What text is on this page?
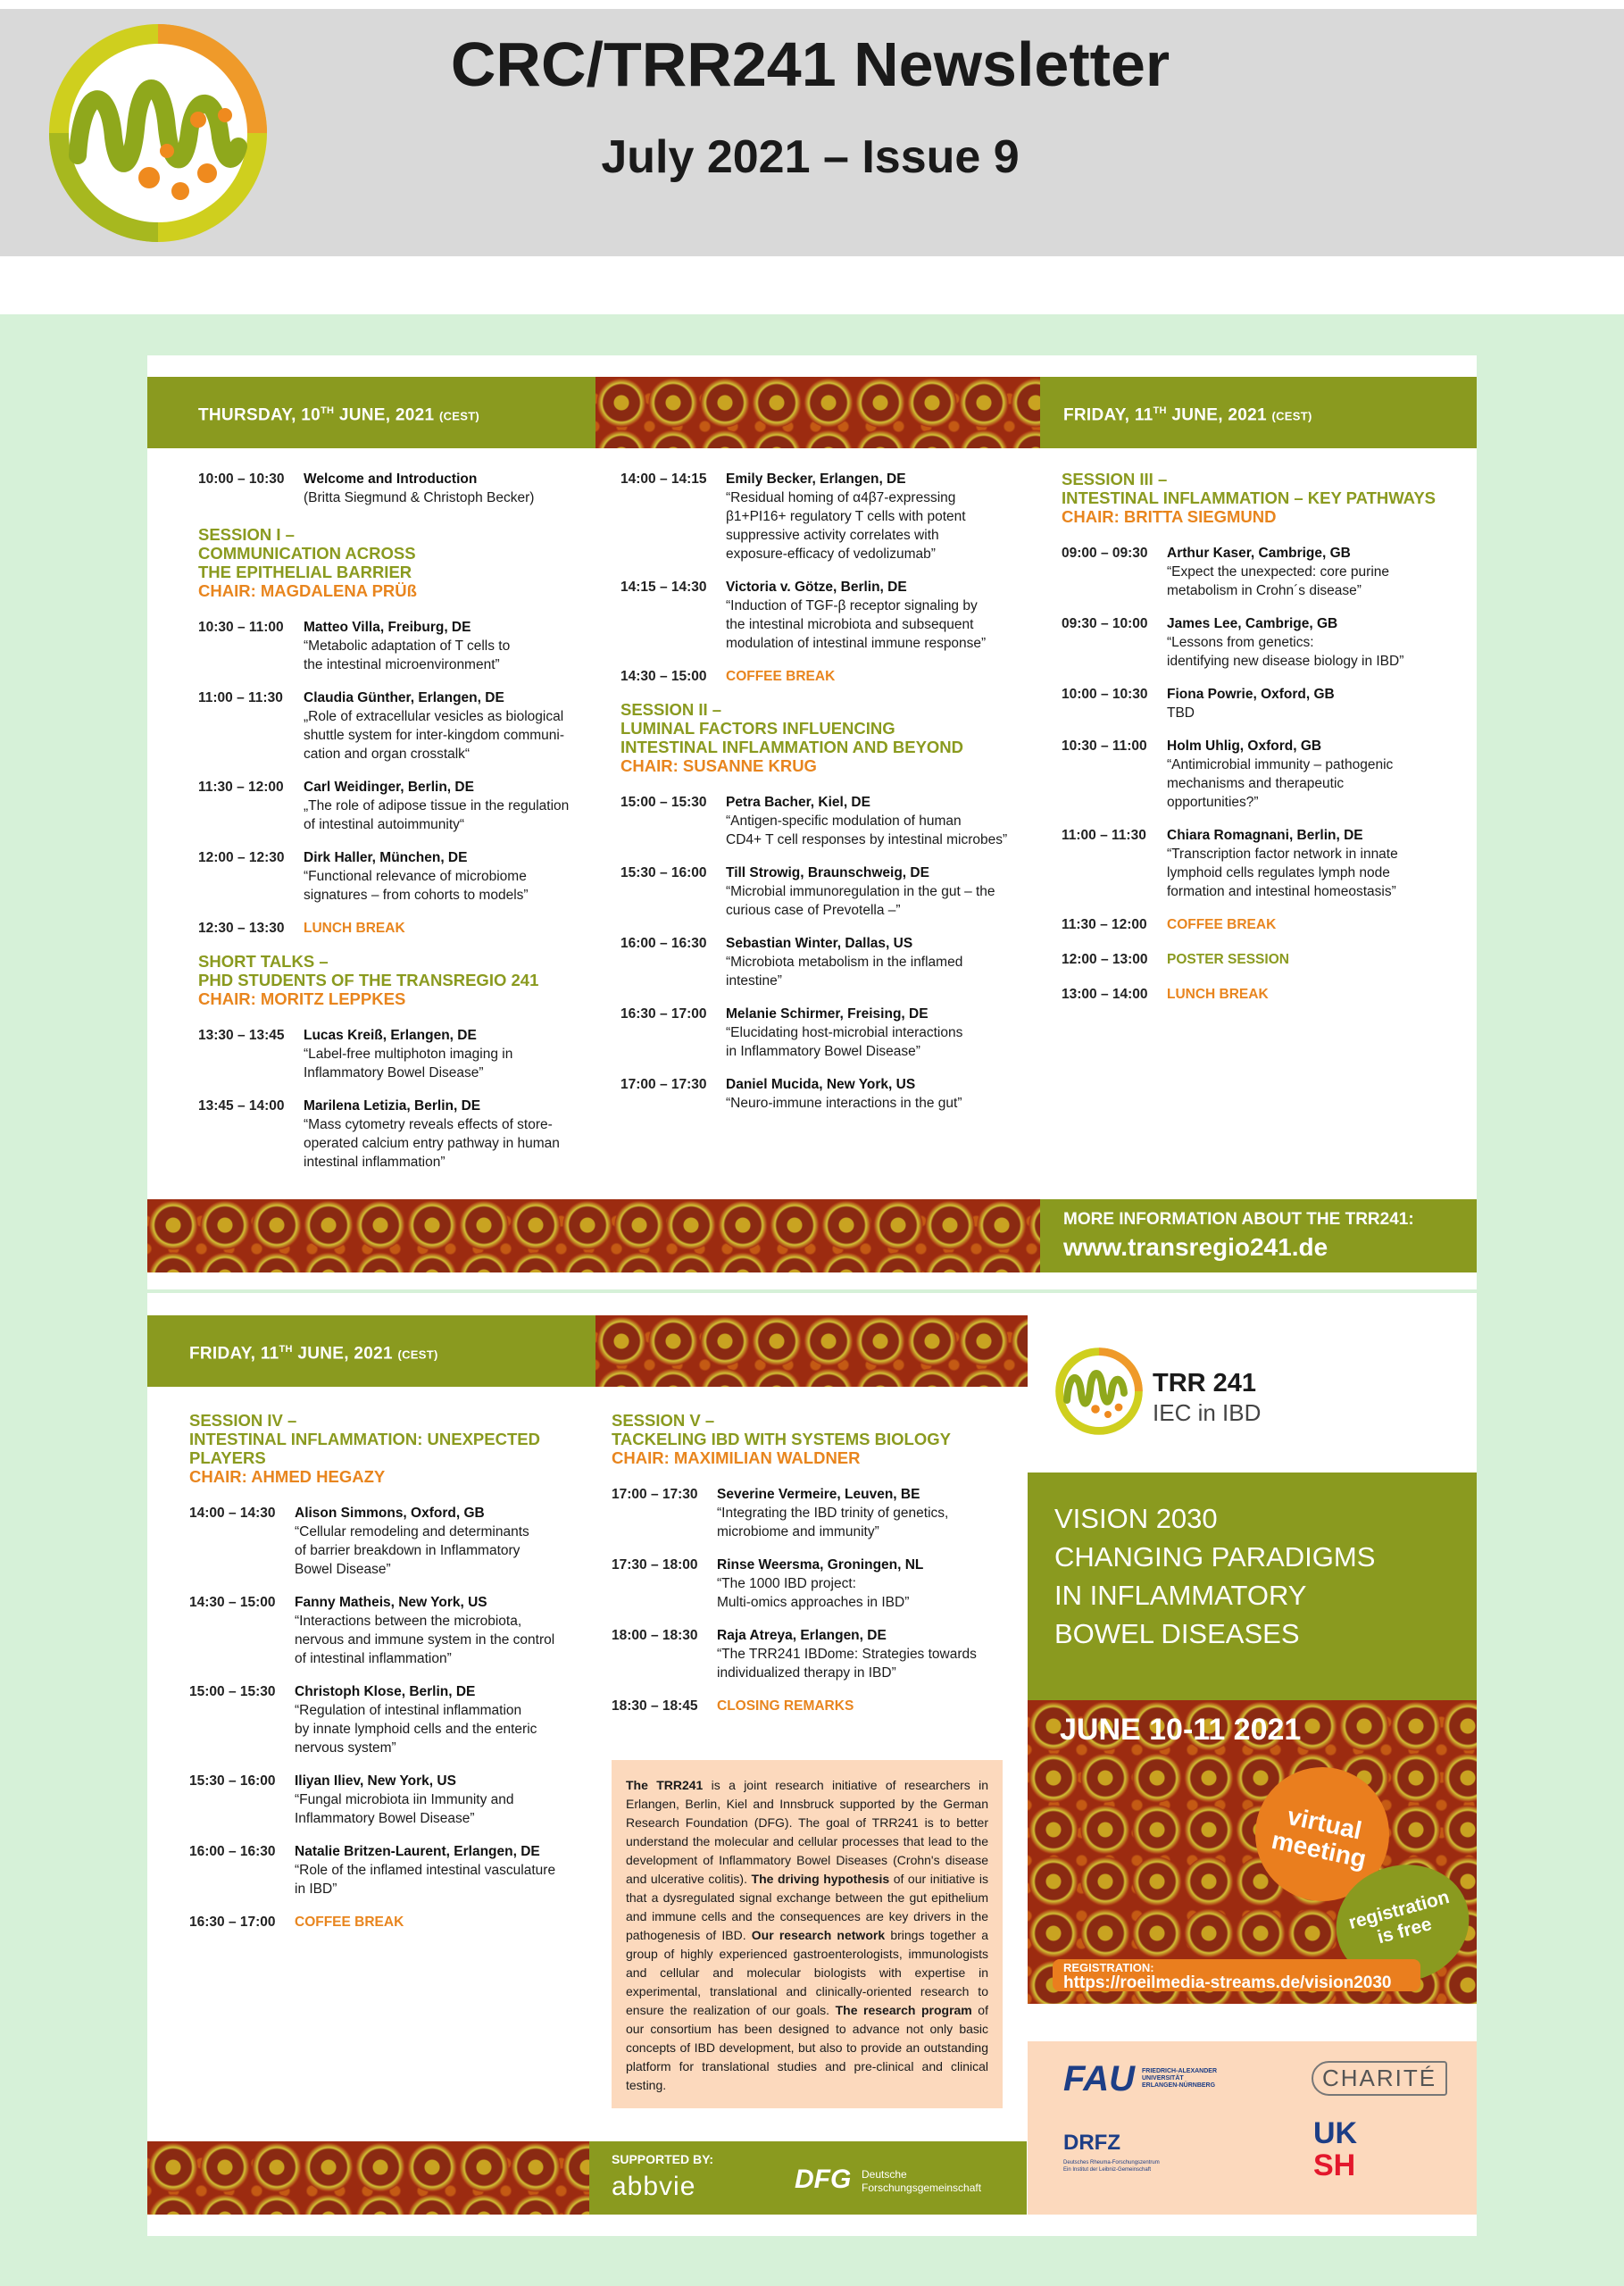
CRC/TRR241 Newsletter
July 2021 – Issue 9
THURSDAY, 10TH JUNE, 2021 (CEST)	FRIDAY, 11TH JUNE, 2021 (CEST)
10:00 – 10:30	Welcome and Introduction
(Britta Siegmund & Christoph Becker)
SESSION I –
COMMUNICATION ACROSS
THE EPITHELIAL BARRIER
CHAIR: MAGDALENA PRÜß
10:30 – 11:00	Matteo Villa, Freiburg, DE
“Metabolic adaptation of T cells to
the intestinal microenvironment”
11:00 – 11:30	Claudia Günther, Erlangen, DE
„Role of extracellular vesicles as biological
shuttle system for inter-kingdom communi-
cation and organ crosstalk“
11:30 – 12:00	Carl Weidinger, Berlin, DE
„The role of adipose tissue in the regulation
of intestinal autoimmunity“
12:00 – 12:30	Dirk Haller, München, DE
“Functional relevance of microbiome
signatures – from cohorts to models”
12:30 – 13:30	LUNCH BREAK
SHORT TALKS –
PHD STUDENTS OF THE TRANSREGIO 241
CHAIR: MORITZ LEPPKES
13:30 – 13:45	Lucas Kreiß, Erlangen, DE
“Label-free multiphoton imaging in
Inflammatory Bowel Disease”
13:45 – 14:00	Marilena Letizia, Berlin, DE
“Mass cytometry reveals effects of store-
operated calcium entry pathway in human
intestinal inflammation”
14:00 – 14:15	Emily Becker, Erlangen, DE
“Residual homing of α4β7-expressing
β1+PI16+ regulatory T cells with potent
suppressive activity correlates with
exposure-efficacy of vedolizumab”
14:15 – 14:30	Victoria v. Götze, Berlin, DE
“Induction of TGF-β receptor signaling by
the intestinal microbiota and subsequent
modulation of intestinal immune response”
14:30 – 15:00	COFFEE BREAK
SESSION II –
LUMINAL FACTORS INFLUENCING
INTESTINAL INFLAMMATION AND BEYOND
CHAIR: SUSANNE KRUG
15:00 – 15:30	Petra Bacher, Kiel, DE
“Antigen-specific modulation of human
CD4+ T cell responses by intestinal microbes”
15:30 – 16:00	Till Strowig, Braunschweig, DE
“Microbial immunoregulation in the gut – the
curious case of Prevotella –”
16:00 – 16:30	Sebastian Winter, Dallas, US
“Microbiota metabolism in the inflamed
intestine”
16:30 – 17:00	Melanie Schirmer, Freising, DE
“Elucidating host-microbial interactions
in Inflammatory Bowel Disease”
17:00 – 17:30	Daniel Mucida, New York, US
“Neuro-immune interactions in the gut”
SESSION III –
INTESTINAL INFLAMMATION – KEY PATHWAYS
CHAIR: BRITTA SIEGMUND
09:00 – 09:30	Arthur Kaser, Cambrige, GB
“Expect the unexpected: core purine
metabolism in Crohn´s disease”
09:30 – 10:00	James Lee, Cambrige, GB
“Lessons from genetics:
identifying new disease biology in IBD”
10:00 – 10:30	Fiona Powrie, Oxford, GB
TBD
10:30 – 11:00	Holm Uhlig, Oxford, GB
“Antimicrobial immunity – pathogenic
mechanisms and therapeutic
opportunities?”
11:00 – 11:30	Chiara Romagnani, Berlin, DE
“Transcription factor network in innate
lymphoid cells regulates lymph node
formation and intestinal homeostasis”
11:30 – 12:00	COFFEE BREAK
12:00 – 13:00	POSTER SESSION
13:00 – 14:00	LUNCH BREAK
MORE INFORMATION ABOUT THE TRR241:
www.transregio241.de
FRIDAY, 11TH JUNE, 2021 (CEST)
SESSION IV –
INTESTINAL INFLAMMATION: UNEXPECTED
PLAYERS
CHAIR: AHMED HEGAZY
14:00 – 14:30	Alison Simmons, Oxford, GB
“Cellular remodeling and determinants
of barrier breakdown in Inflammatory
Bowel Disease”
14:30 – 15:00	Fanny Matheis, New York, US
“Interactions between the microbiota,
nervous and immune system in the control
of intestinal inflammation”
15:00 – 15:30	Christoph Klose, Berlin, DE
“Regulation of intestinal inflammation
by innate lymphoid cells and the enteric
nervous system”
15:30 – 16:00	Iliyan Iliev, New York, US
“Fungal microbiota iin Immunity and
Inflammatory Bowel Disease”
16:00 – 16:30	Natalie Britzen-Laurent, Erlangen, DE
“Role of the inflamed intestinal vasculature
in IBD”
16:30 – 17:00	COFFEE BREAK
SESSION V –
TACKELING IBD WITH SYSTEMS BIOLOGY
CHAIR: MAXIMILIAN WALDNER
17:00 – 17:30	Severine Vermeire, Leuven, BE
“Integrating the IBD trinity of genetics,
microbiome and immunity”
17:30 – 18:00	Rinse Weersma, Groningen, NL
“The 1000 IBD project:
Multi-omics approaches in IBD”
18:00 – 18:30	Raja Atreya, Erlangen, DE
“The TRR241 IBDome: Strategies towards
individualized therapy in IBD”
18:30 – 18:45	CLOSING REMARKS
The TRR241 is a joint research initiative of researchers in Erlangen, Berlin, Kiel and Innsbruck supported by the German Research Foundation (DFG). The goal of TRR241 is to better understand the molecular and cellular processes that lead to the development of Inflammatory Bowel Diseases (Crohn's disease and ulcerative colitis). The driving hypothesis of our initiative is that a dysregulated signal exchange between the gut epithelium and immune cells and the consequences are key drivers in the pathogenesis of IBD. Our research network brings together a group of highly experienced gastroenterologists, immunologists and cellular and molecular biologists with expertise in experimental, translational and clinically-oriented research to ensure the realization of our goals. The research program of our consortium has been designed to advance not only basic concepts of IBD development, but also to provide an outstanding platform for translational studies and pre-clinical and clinical testing.
SUPPORTED BY:
abbvie	DFG Deutsche
Forschungsgemeinschaft
TRR 241
IEC in IBD
VISION 2030
CHANGING PARADIGMS
IN INFLAMMATORY
BOWEL DISEASES
JUNE 10-11 2021
virtual
meeting
registration
is free
REGISTRATION:
https://roeilmedia-streams.de/vision2030
FAU FRIEDRICH-ALEXANDER
UNIVERSITÄT
ERLANGEN-NÜRNBERG	CHARITÉ
DRFZ
Deutsches Rheuma-Forschungszentrum
Ein Institut der Leibniz-Gemeinschaft
UK
SH
